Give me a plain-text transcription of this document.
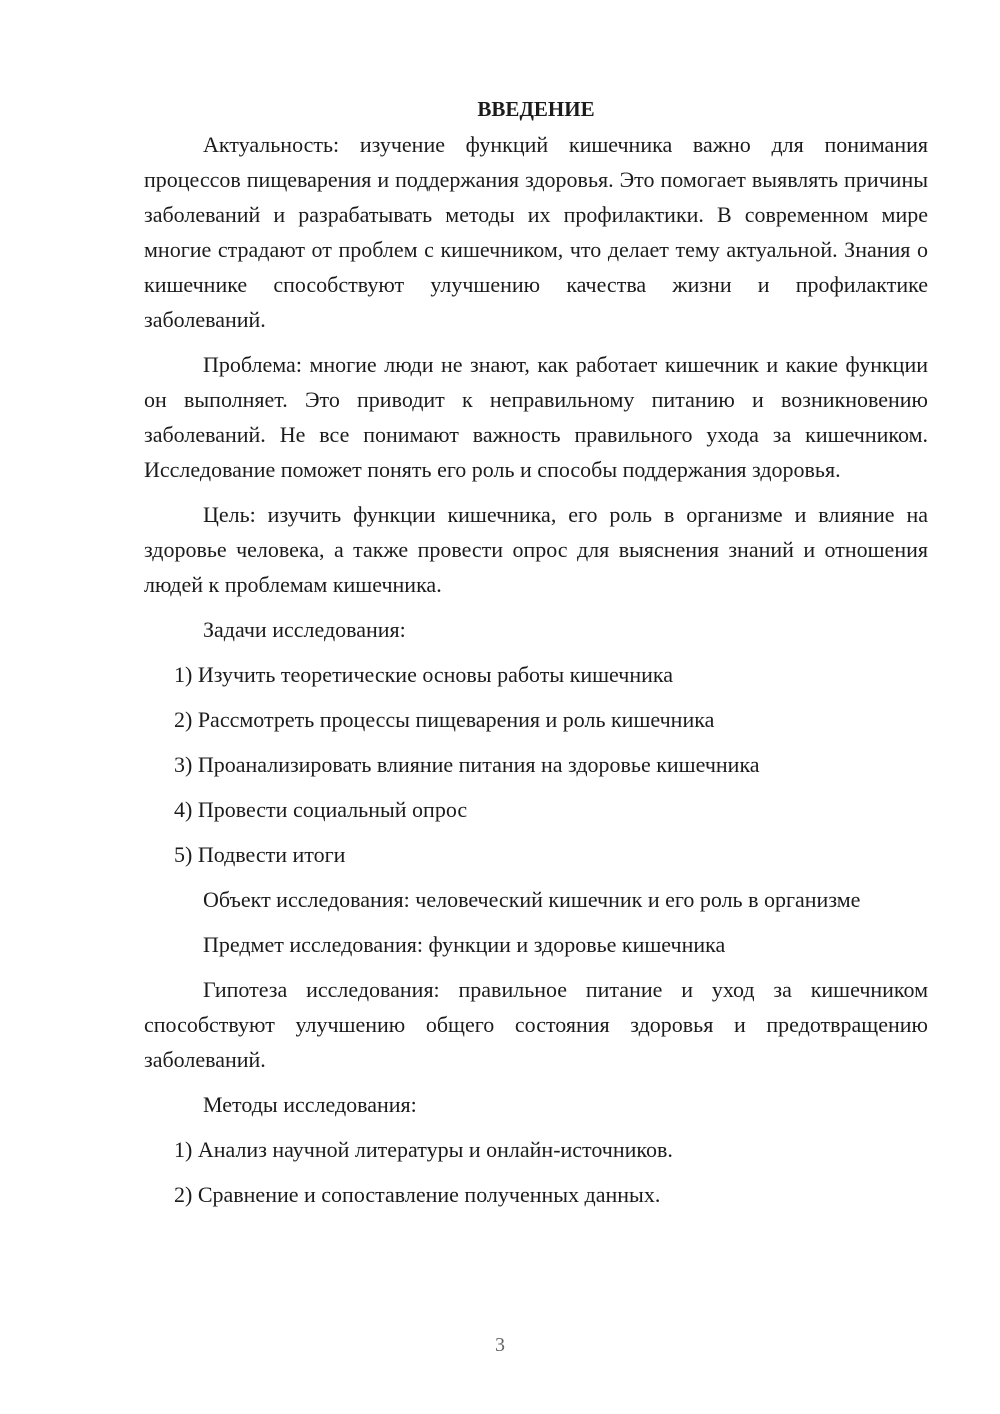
ВВЕДЕНИЕ

Актуальность: изучение функций кишечника важно для понимания процессов пищеварения и поддержания здоровья. Это помогает выявлять причины заболеваний и разрабатывать методы их профилактики. В современном мире многие страдают от проблем с кишечником, что делает тему актуальной. Знания о кишечнике способствуют улучшению качества жизни и профилактике заболеваний.

Проблема: многие люди не знают, как работает кишечник и какие функции он выполняет. Это приводит к неправильному питанию и возникновению заболеваний. Не все понимают важность правильного ухода за кишечником. Исследование поможет понять его роль и способы поддержания здоровья.

Цель: изучить функции кишечника, его роль в организме и влияние на здоровье человека, а также провести опрос для выяснения знаний и отношения людей к проблемам кишечника.

Задачи исследования:

1) Изучить теоретические основы работы кишечника

2) Рассмотреть процессы пищеварения и роль кишечника

3) Проанализировать влияние питания на здоровье кишечника

4) Провести социальный опрос

5) Подвести итоги

Объект исследования: человеческий кишечник и его роль в организме

Предмет исследования: функции и здоровье кишечника

Гипотеза исследования: правильное питание и уход за кишечником способствуют улучшению общего состояния здоровья и предотвращению заболеваний.

Методы исследования:

1) Анализ научной литературы и онлайн-источников.

2) Сравнение и сопоставление полученных данных.

3
